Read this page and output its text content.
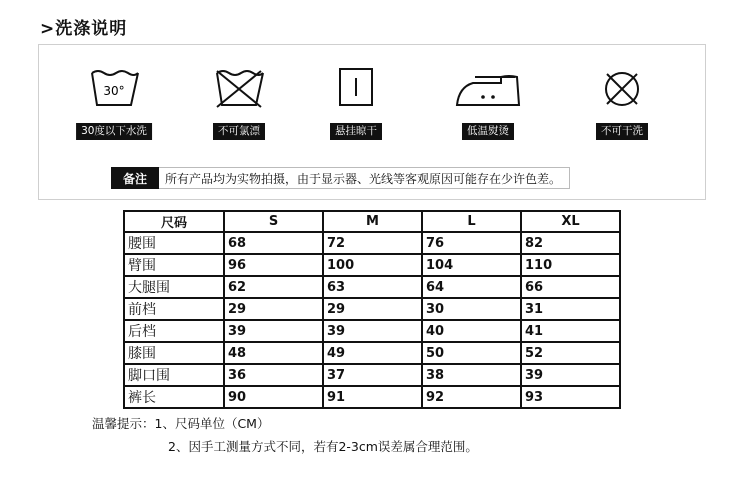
>洗涤说明
30°
30度以下水洗	不可氯漂	悬挂晾干	低温熨烫	不可干洗
备注	所有产品均为实物拍摄，由于显示器、光线等客观原因可能存在少许色差。
尺码	S	M	L	XL
腰围	68	72	76	82
臂围	96	100	104	110
大腿围	62	63	64	66
前档	29	29	30	31
后档	39	39	40	41
膝围	48	49	50	52
脚口围	36	37	38	39
裤长	90	91	92	93
温馨提示：1、尺码单位（CM）
2、因手工测量方式不同，若有2-3cm误差属合理范围。
